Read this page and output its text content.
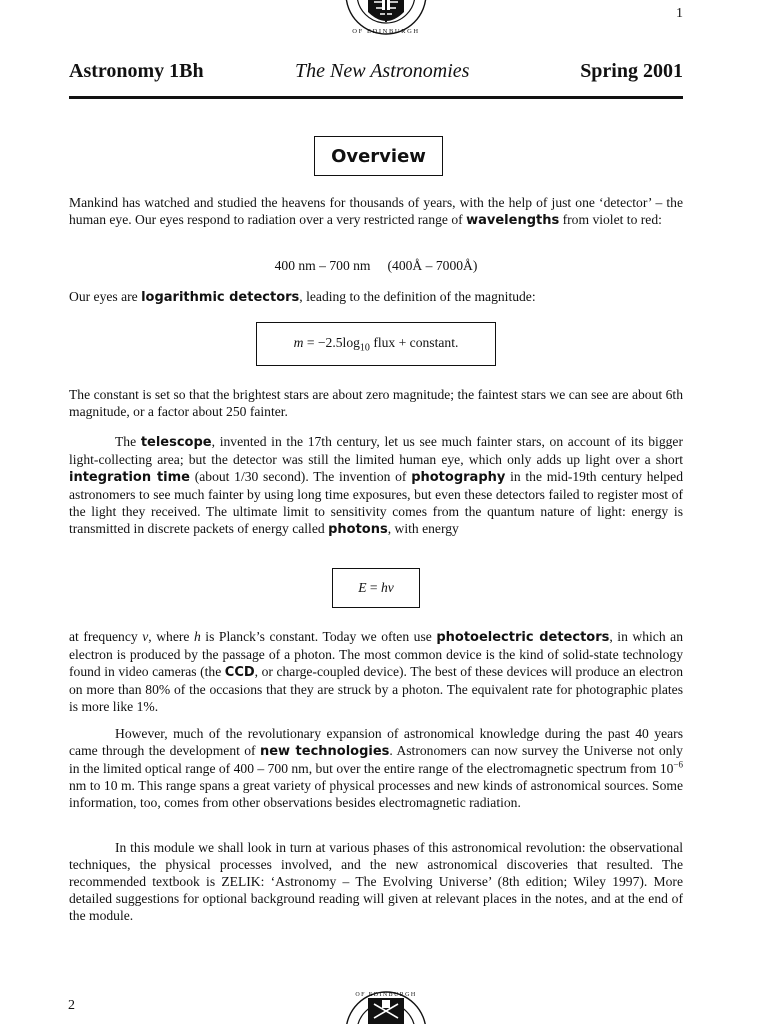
OF EDINBURGH
1
Astronomy 1Bh	The New Astronomies	Spring 2001
Overview
Mankind has watched and studied the heavens for thousands of years, with the help of just one ‘detector’ – the human eye. Our eyes respond to radiation over a very restricted range of wavelengths from violet to red:
400 nm – 700 nm (400Å – 7000Å)
Our eyes are logarithmic detectors, leading to the definition of the magnitude:
$m = -2.5\log_{10}$ flux + constant.
The constant is set so that the brightest stars are about zero magnitude; the faintest stars we can see are about 6th magnitude, or a factor about 250 fainter.
The telescope, invented in the 17th century, let us see much fainter stars, on account of its bigger light-collecting area; but the detector was still the limited human eye, which only adds up light over a short integration time (about 1/30 second). The invention of photography in the mid-19th century helped astronomers to see much fainter by using long time exposures, but even these detectors failed to register most of the light they received. The ultimate limit to sensitivity comes from the quantum nature of light: energy is transmitted in discrete packets of energy called photons, with energy
E = hν
at frequency ν, where h is Planck’s constant. Today we often use photoelectric detectors, in which an electron is produced by the passage of a photon. The most common device is the kind of solid-state technology found in video cameras (the CCD, or charge-coupled device). The best of these devices will produce an electron on more than 80% of the occasions that they are struck by a photon. The equivalent rate for photographic plates is more like 1%.
However, much of the revolutionary expansion of astronomical knowledge during the past 40 years came through the development of new technologies. Astronomers can now survey the Universe not only in the limited optical range of 400 – 700 nm, but over the entire range of the electromagnetic spectrum from $10^{-6}$ nm to 10 m. This range spans a great variety of physical processes and new kinds of astronomical sources. Some information, too, comes from other observations besides electromagnetic radiation.
In this module we shall look in turn at various phases of this astronomical revolution: the observational techniques, the physical processes involved, and the new astronomical discoveries that resulted. The recommended textbook is ZELIK: ‘Astronomy – The Evolving Universe’ (8th edition; Wiley 1997). More detailed suggestions for optional background reading will given at relevant places in the notes, and at the end of the module.
2
OF EDINBURGH
